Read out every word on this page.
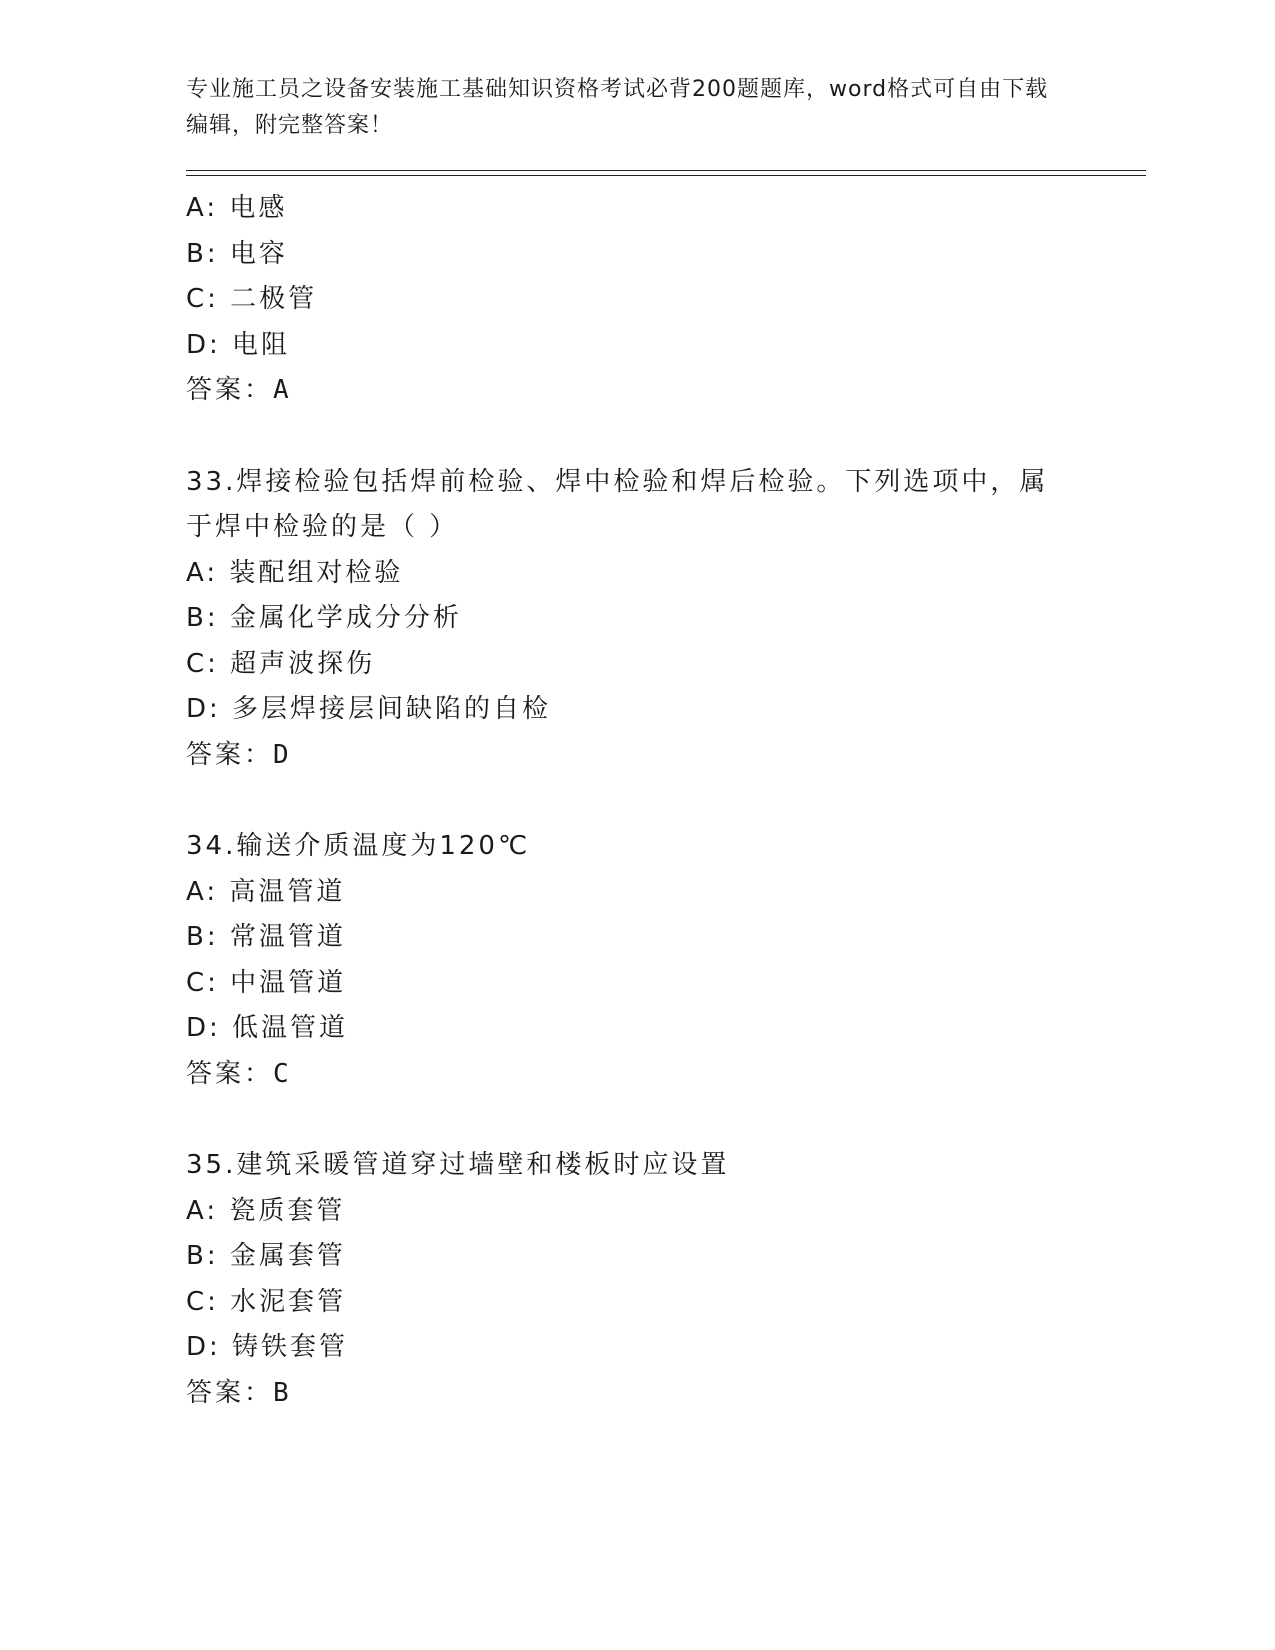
专业施工员之设备安装施工基础知识资格考试必背200题题库，word格式可自由下载编辑，附完整答案！
A: 电感
B: 电容
C: 二极管
D: 电阻
答案：A
33.焊接检验包括焊前检验、焊中检验和焊后检验。下列选项中，属于焊中检验的是（ ）
A: 装配组对检验
B: 金属化学成分分析
C: 超声波探伤
D: 多层焊接层间缺陷的自检
答案：D
34.输送介质温度为120℃
A: 高温管道
B: 常温管道
C: 中温管道
D: 低温管道
答案：C
35.建筑采暖管道穿过墙壁和楼板时应设置
A: 瓷质套管
B: 金属套管
C: 水泥套管
D: 铸铁套管
答案：B
